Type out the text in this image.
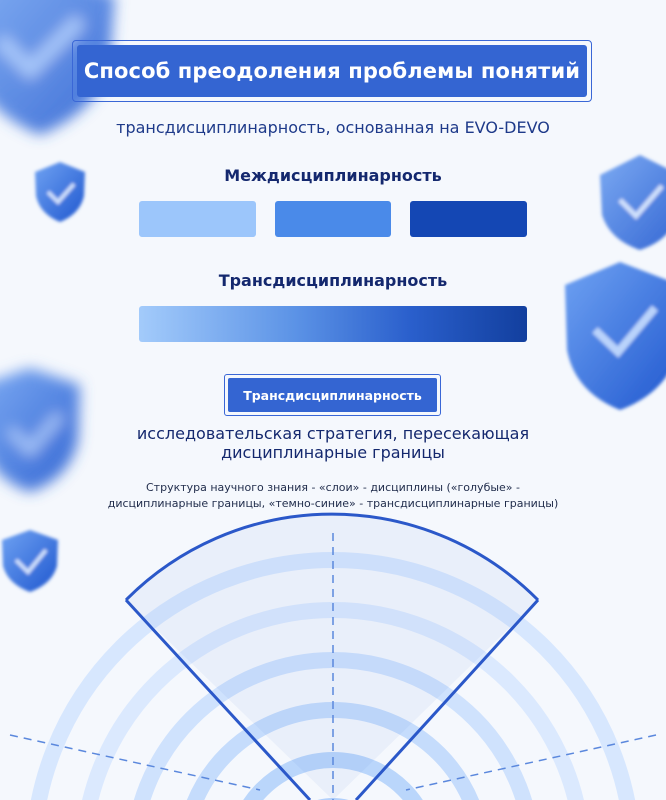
Способ преодоления проблемы понятий
трансдисциплинарность, основанная на EVO-DEVO
Междисциплинарность
Трансдисциплинарность
Трансдисциплинарность
исследовательская стратегия, пересекающая
дисциплинарные границы
Структура научного знания - «слои» - дисциплины («голубые» -
дисциплинарные границы, «темно-синие» - трансдисциплинарные границы)
